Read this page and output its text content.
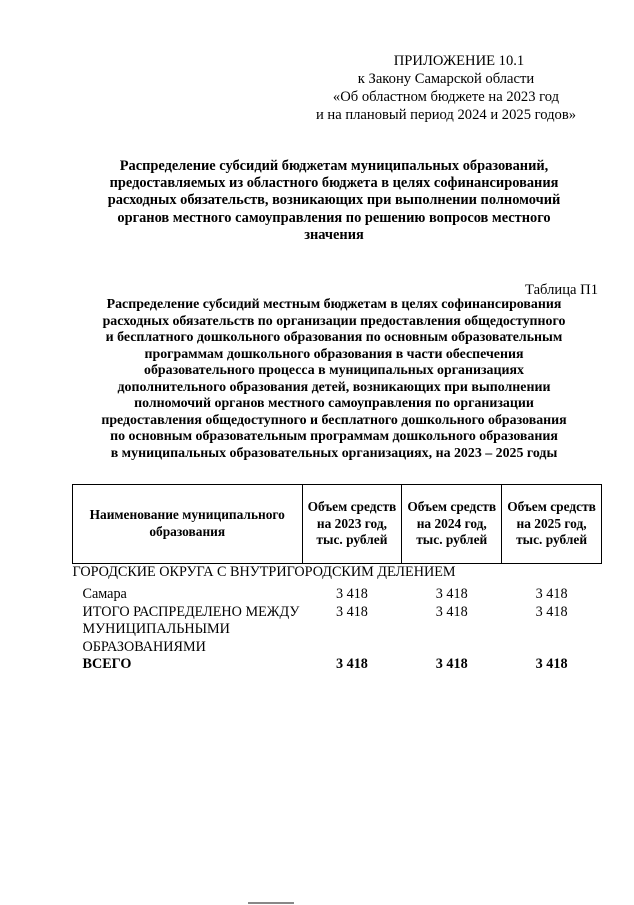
ПРИЛОЖЕНИЕ 10.1
к Закону Самарской области
«Об областном бюджете на 2023 год
и на плановый период 2024 и 2025 годов»
Распределение субсидий бюджетам муниципальных образований,
предоставляемых из областного бюджета в целях софинансирования
расходных обязательств, возникающих при выполнении полномочий
органов местного самоуправления по решению вопросов местного
значения
Таблица П1
Распределение субсидий местным бюджетам в целях софинансирования
расходных обязательств по организации предоставления общедоступного
и бесплатного дошкольного образования по основным образовательным
программам дошкольного образования в части обеспечения
образовательного процесса в муниципальных организациях
дополнительного образования детей, возникающих при выполнении
полномочий органов местного самоуправления по организации
предоставления общедоступного и бесплатного дошкольного образования
по основным образовательным программам дошкольного образования
в муниципальных образовательных организациях, на 2023 – 2025 годы
Наименование муниципального образования	Объем средств на 2023 год, тыс. рублей	Объем средств на 2024 год, тыс. рублей	Объем средств на 2025 год, тыс. рублей
ГОРОДСКИЕ ОКРУГА С ВНУТРИГОРОДСКИМ ДЕЛЕНИЕМ			
Самара	3 418	3 418	3 418
ИТОГО РАСПРЕДЕЛЕНО МЕЖДУ МУНИЦИПАЛЬНЫМИ ОБРАЗОВАНИЯМИ	3 418	3 418	3 418
ВСЕГО	3 418	3 418	3 418
